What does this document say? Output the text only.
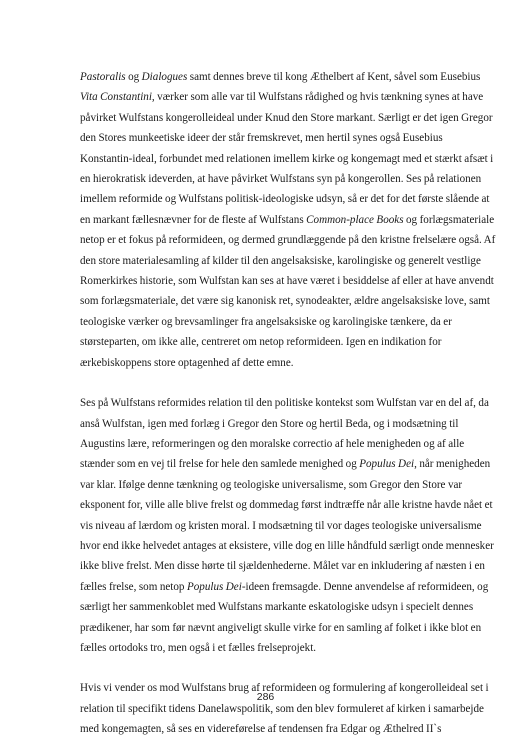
Pastoralis og Dialogues samt dennes breve til kong Æthelbert af Kent, såvel som Eusebius
Vita Constantini, værker som alle var til Wulfstans rådighed og hvis tænkning synes at have
påvirket Wulfstans kongerolleideal under Knud den Store markant. Særligt er det igen Gregor
den Stores munkeetiske ideer der står fremskrevet, men hertil synes også Eusebius
Konstantin-ideal, forbundet med relationen imellem kirke og kongemagt med et stærkt afsæt i
en hierokratisk ideverden, at have påvirket Wulfstans syn på kongerollen. Ses på relationen
imellem reformide og Wulfstans politisk-ideologiske udsyn, så er det for det første slående at
en markant fællesnævner for de fleste af Wulfstans Common-place Books og forlægsmateriale
netop er et fokus på reformideen, og dermed grundlæggende på den kristne frelselære også. Af
den store materialesamling af kilder til den angelsaksiske, karolingiske og generelt vestlige
Romerkirkes historie, som Wulfstan kan ses at have været i besiddelse af eller at have anvendt
som forlægsmateriale, det være sig kanonisk ret, synodeakter, ældre angelsaksiske love, samt
teologiske værker og brevsamlinger fra angelsaksiske og karolingiske tænkere, da er
størsteparten, om ikke alle, centreret om netop reformideen. Igen en indikation for
ærkebiskoppens store optagenhed af dette emne.

Ses på Wulfstans reformides relation til den politiske kontekst som Wulfstan var en del af, da
anså Wulfstan, igen med forlæg i Gregor den Store og hertil Beda, og i modsætning til
Augustins lære, reformeringen og den moralske correctio af hele menigheden og af alle
stænder som en vej til frelse for hele den samlede menighed og Populus Dei, når menigheden
var klar. Ifølge denne tænkning og teologiske universalisme, som Gregor den Store var
eksponent for, ville alle blive frelst og dommedag først indtræffe når alle kristne havde nået et
vis niveau af lærdom og kristen moral. I modsætning til vor dages teologiske universalisme
hvor end ikke helvedet antages at eksistere, ville dog en lille håndfuld særligt onde mennesker
ikke blive frelst. Men disse hørte til sjældenhederne. Målet var en inkludering af næsten i en
fælles frelse, som netop Populus Dei-ideen fremsagde. Denne anvendelse af reformideen, og
særligt her sammenkoblet med Wulfstans markante eskatologiske udsyn i specielt dennes
prædikener, har som før nævnt angiveligt skulle virke for en samling af folket i ikke blot en
fælles ortodoks tro, men også i et fælles frelseprojekt.

Hvis vi vender os mod Wulfstans brug af reformideen og formulering af kongerolleideal set i
relation til specifikt tidens Danelawspolitik, som den blev formuleret af kirken i samarbejde
med kongemagten, så ses en videreførelse af tendensen fra Edgar og Æthelred II`s

286
